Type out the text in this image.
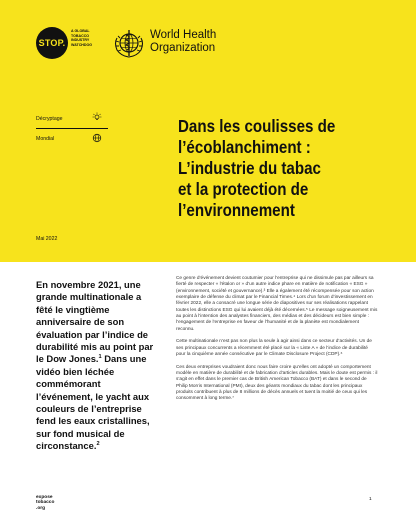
STOP.
A GLOBAL
TOBACCO
INDUSTRY
WATCHDOG
World Health
Organization
Décryptage
Mondial
Dans les coulisses de
l’écoblanchiment :
L’industrie du tabac
et la protection de
l’environnement
Mai 2022

En novembre 2021, une grande multinationale a fêté le vingtième anniversaire de son évaluation par l’indice de durabilité mis au point par le Dow Jones.$^1$ Dans une vidéo bien léchée commémorant l’événement, le yacht aux couleurs de l’entreprise fend les eaux cristallines, sur fond musical de circonstance.$^2$

Ce genre d’événement devient coutumier pour l’entreprise qui ne dissimule pas par ailleurs sa fierté de respecter « l’étalon or » d’un autre indice phare en matière de notification « ESG » (environnement, société et gouvernance).³ Elle a également été récompensée pour son action exemplaire de défense du climat par le Financial Times.⁴ Lors d’un forum d’investissement en février 2022, elle a consacré une longue série de diapositives sur ses réalisations rappelant toutes les distinctions ESG qui lui avaient déjà été décernées.⁵ Le message soigneusement mis au point à l’intention des analystes financiers, des médias et des décideurs est bien simple : l’engagement de l’entreprise en faveur de l’humanité et de la planète est mondialement reconnu.

Cette multinationale n’est pas non plus la seule à agir ainsi dans ce secteur d’activités. Un de ses principaux concurrents a récemment été placé sur la « Liste A » de l’indice de durabilité pour la cinquième année consécutive par le Climate Disclosure Project (CDP).⁶

Ces deux entreprises voudraient donc nous faire croire qu’elles ont adopté un comportement modèle en matière de durabilité et de fabrication d’articles durables. Mais le doute est permis : il s’agit en effet dans le premier cas de British American Tobacco (BAT) et dans le second de Philip Morris International (PMI), deux des géants mondiaux du tabac dont les principaux produits contribuent à plus de 8 millions de décès annuels et tuent la moitié de ceux qui les consomment à long terme.⁷

expose
tobacco
.org
1
